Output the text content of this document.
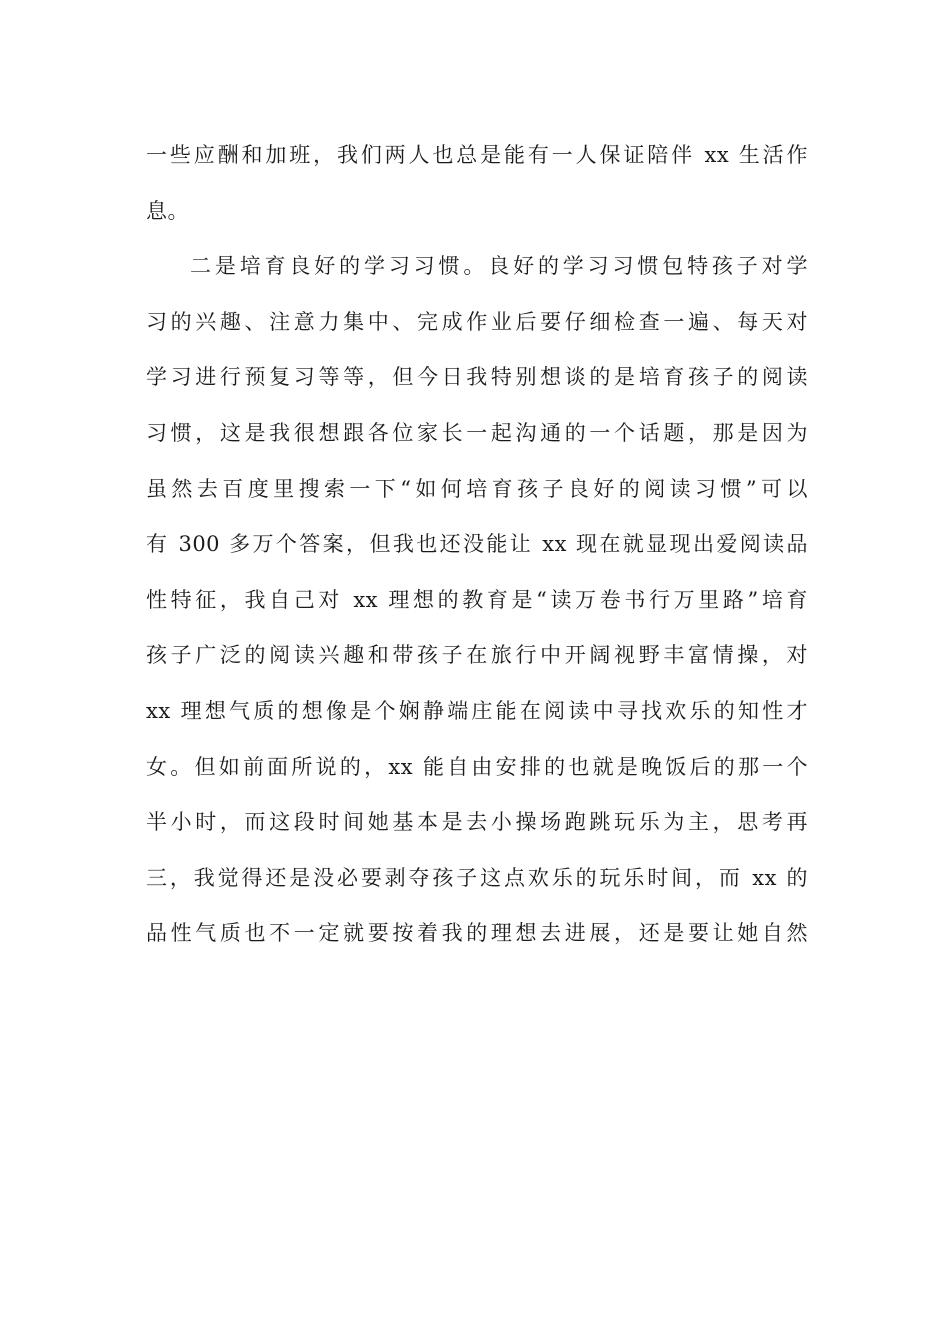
一些应酬和加班，我们两人也总是能有一人保证陪伴 xx 生活作
息。
二是培育良好的学习习惯。良好的学习习惯包特孩子对学
习的兴趣、注意力集中、完成作业后要仔细检查一遍、每天对
学习进行预复习等等，但今日我特别想谈的是培育孩子的阅读
习惯，这是我很想跟各位家长一起沟通的一个话题，那是因为
虽然去百度里搜索一下“如何培育孩子良好的阅读习惯”可以
有 300 多万个答案，但我也还没能让 xx 现在就显现出爱阅读品
性特征，我自己对 xx 理想的教育是“读万卷书行万里路”培育
孩子广泛的阅读兴趣和带孩子在旅行中开阔视野丰富情操，对
xx 理想气质的想像是个娴静端庄能在阅读中寻找欢乐的知性才
女。但如前面所说的，xx 能自由安排的也就是晚饭后的那一个
半小时，而这段时间她基本是去小操场跑跳玩乐为主，思考再
三，我觉得还是没必要剥夺孩子这点欢乐的玩乐时间，而 xx 的
品性气质也不一定就要按着我的理想去进展，还是要让她自然
